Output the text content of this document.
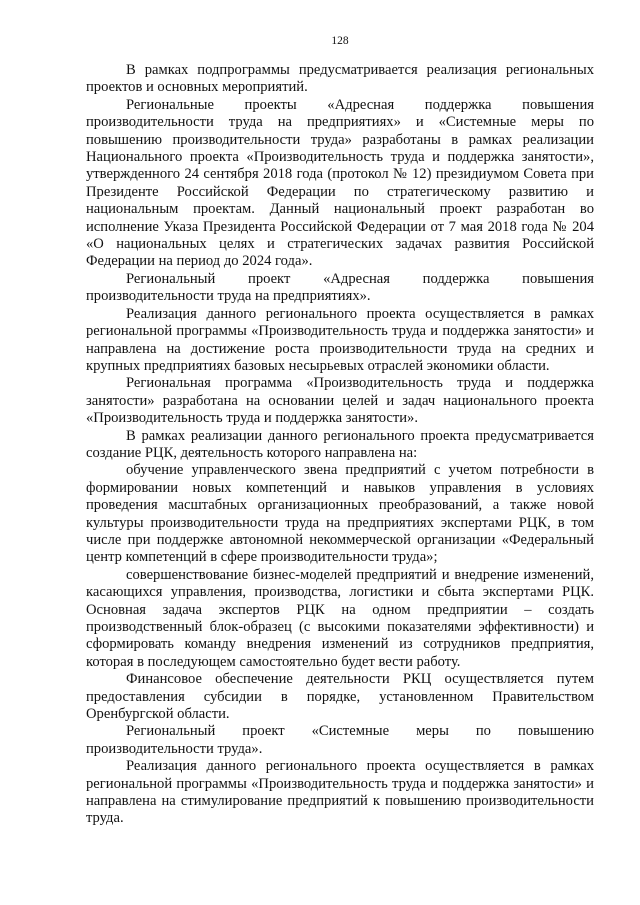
128

В рамках подпрограммы предусматривается реализация региональных проектов и основных мероприятий.

Региональные проекты «Адресная поддержка повышения производительности труда на предприятиях» и «Системные меры по повышению производительности труда» разработаны в рамках реализации Национального проекта «Производительность труда и поддержка занятости», утвержденного 24 сентября 2018 года (протокол № 12) президиумом Совета при Президенте Российской Федерации по стратегическому развитию и национальным проектам. Данный национальный проект разработан во исполнение Указа Президента Российской Федерации от 7 мая 2018 года № 204 «О национальных целях и стратегических задачах развития Российской Федерации на период до 2024 года».

Региональный проект «Адресная поддержка повышения производительности труда на предприятиях».

Реализация данного регионального проекта осуществляется в рамках региональной программы «Производительность труда и поддержка занятости» и направлена на достижение роста производительности труда на средних и крупных предприятиях базовых несырьевых отраслей экономики области.

Региональная программа «Производительность труда и поддержка занятости» разработана на основании целей и задач национального проекта «Производительность труда и поддержка занятости».

В рамках реализации данного регионального проекта предусматривается создание РЦК, деятельность которого направлена на:

обучение управленческого звена предприятий с учетом потребности в формировании новых компетенций и навыков управления в условиях проведения масштабных организационных преобразований, а также новой культуры производительности труда на предприятиях экспертами РЦК, в том числе при поддержке автономной некоммерческой организации «Федеральный центр компетенций в сфере производительности труда»;

совершенствование бизнес-моделей предприятий и внедрение изменений, касающихся управления, производства, логистики и сбыта экспертами РЦК. Основная задача экспертов РЦК на одном предприятии – создать производственный блок-образец (с высокими показателями эффективности) и сформировать команду внедрения изменений из сотрудников предприятия, которая в последующем самостоятельно будет вести работу.

Финансовое обеспечение деятельности РКЦ осуществляется путем предоставления субсидии в порядке, установленном Правительством Оренбургской области.

Региональный проект «Системные меры по повышению производительности труда».

Реализация данного регионального проекта осуществляется в рамках региональной программы «Производительность труда и поддержка занятости» и направлена на стимулирование предприятий к повышению производительности труда.
